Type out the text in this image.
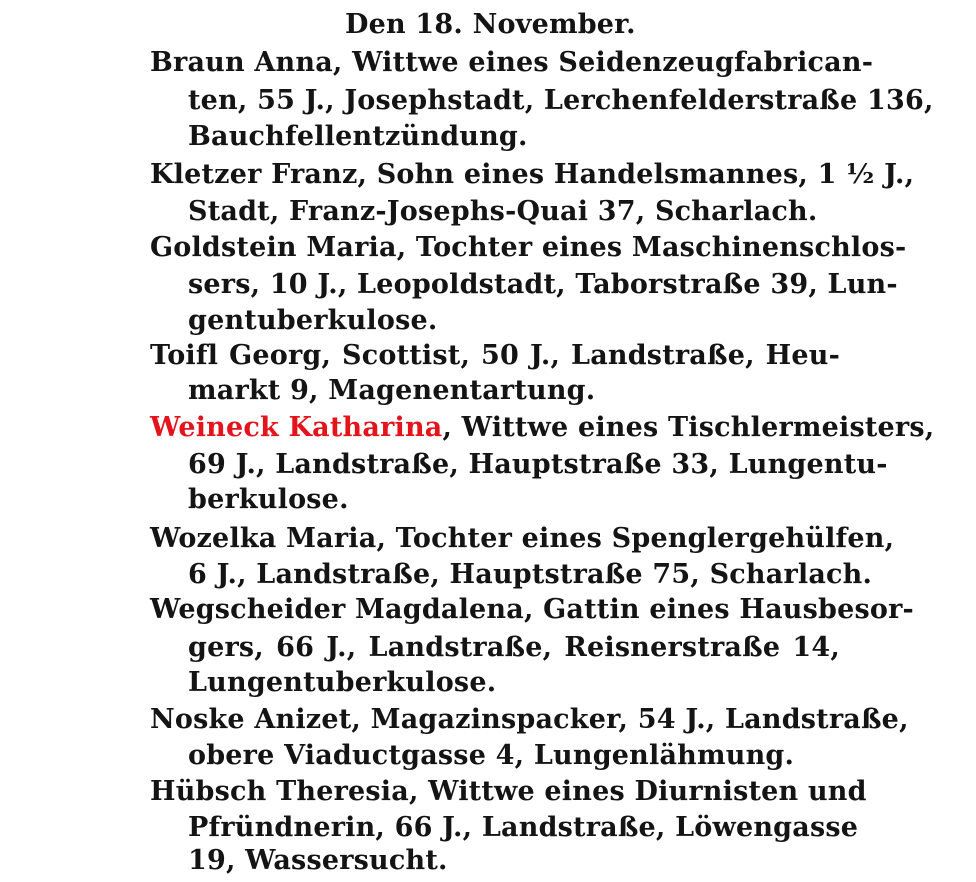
Den 18. November.
Braun Anna, Wittwe eines Seidenzeugfabrican-
ten, 55 J., Josephstadt, Lerchenfelderstraße 136,
Bauchfellentzündung.
Kletzer Franz, Sohn eines Handelsmannes, 1 ½ J.,
Stadt, Franz-Josephs-Quai 37, Scharlach.
Goldstein Maria, Tochter eines Maschinenschlos-
sers, 10 J., Leopoldstadt, Taborstraße 39, Lun-
gentuberkulose.
Toifl Georg, Scottist, 50 J., Landstraße, Heu-
markt 9, Magenentartung.
Weineck Katharina, Wittwe eines Tischlermeisters,
69 J., Landstraße, Hauptstraße 33, Lungentu-
berkulose.
Wozelka Maria, Tochter eines Spenglergehülfen,
6 J., Landstraße, Hauptstraße 75, Scharlach.
Wegscheider Magdalena, Gattin eines Hausbesor-
gers, 66 J., Landstraße, Reisnerstraße 14,
Lungentuberkulose.
Noske Anizet, Magazinspacker, 54 J., Landstraße,
obere Viaductgasse 4, Lungenlähmung.
Hübsch Theresia, Wittwe eines Diurnisten und
Pfründnerin, 66 J., Landstraße, Löwengasse
19, Wassersucht.
